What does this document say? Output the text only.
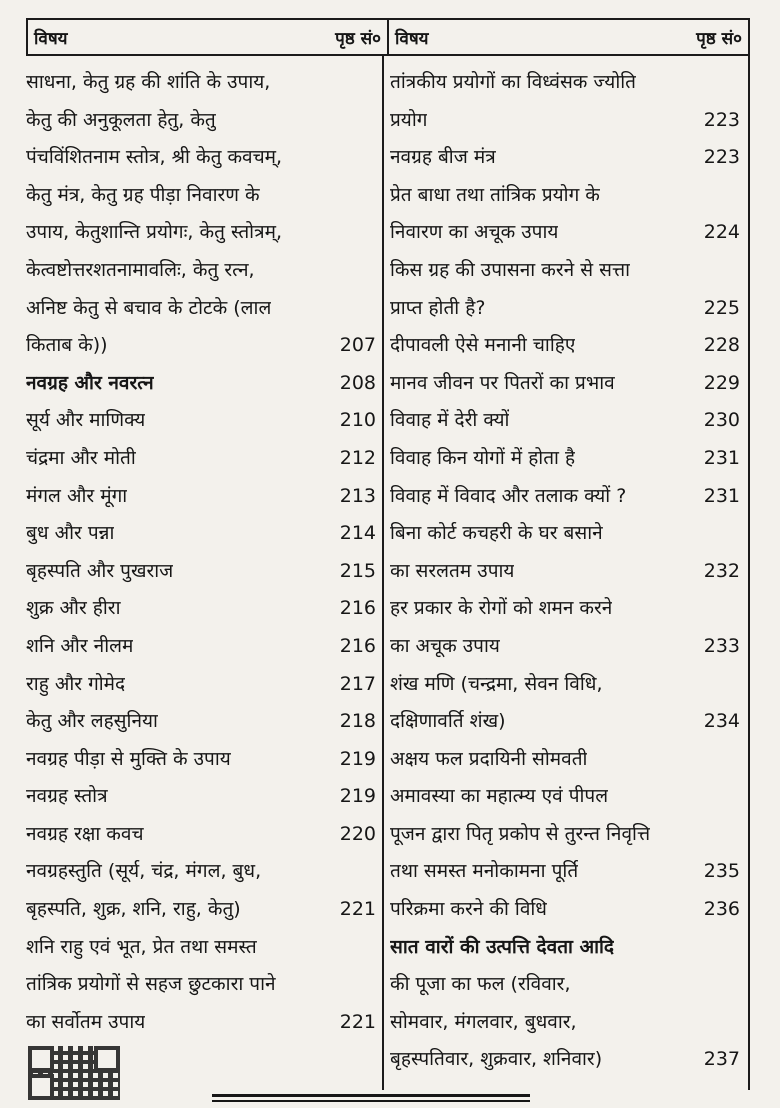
विषय	पृष्ठ सं० विषय	पृष्ठ सं०
साधना, केतु ग्रह की शांति के उपाय,
केतु की अनुकूलता हेतु, केतु
पंचविंशितनाम स्तोत्र, श्री केतु कवचम्,
केतु मंत्र, केतु ग्रह पीड़ा निवारण के
उपाय, केतुशान्ति प्रयोगः, केतु स्तोत्रम्,
केत्वष्टोत्तरशतनामावलिः, केतु रत्न,
अनिष्ट केतु से बचाव के टोटके (लाल
किताब के))	207
नवग्रह और नवरत्न	208
सूर्य और माणिक्य	210
चंद्रमा और मोती	212
मंगल और मूंगा	213
बुध और पन्ना	214
बृहस्पति और पुखराज	215
शुक्र और हीरा	216
शनि और नीलम	216
राहु और गोमेद	217
केतु और लहसुनिया	218
नवग्रह पीड़ा से मुक्ति के उपाय	219
नवग्रह स्तोत्र	219
नवग्रह रक्षा कवच	220
नवग्रहस्तुति (सूर्य, चंद्र, मंगल, बुध,
बृहस्पति, शुक्र, शनि, राहु, केतु)	221
शनि राहु एवं भूत, प्रेत तथा समस्त
तांत्रिक प्रयोगों से सहज छुटकारा पाने
का सर्वोतम उपाय	221
तांत्रकीय प्रयोगों का विध्वंसक ज्योति
प्रयोग	223
नवग्रह बीज मंत्र	223
प्रेत बाधा तथा तांत्रिक प्रयोग के
निवारण का अचूक उपाय	224
किस ग्रह की उपासना करने से सत्ता
प्राप्त होती है?	225
दीपावली ऐसे मनानी चाहिए	228
मानव जीवन पर पितरों का प्रभाव	229
विवाह में देरी क्यों	230
विवाह किन योगों में होता है	231
विवाह में विवाद और तलाक क्यों ?	231
बिना कोर्ट कचहरी के घर बसाने
का सरलतम उपाय	232
हर प्रकार के रोगों को शमन करने
का अचूक उपाय	233
शंख मणि (चन्द्रमा, सेवन विधि,
दक्षिणावर्ति शंख)	234
अक्षय फल प्रदायिनी सोमवती
अमावस्या का महात्म्य एवं पीपल
पूजन द्वारा पितृ प्रकोप से तुरन्त निवृत्ति
तथा समस्त मनोकामना पूर्ति	235
परिक्रमा करने की विधि	236
सात वारों की उत्पत्ति देवता आदि
की पूजा का फल (रविवार,
सोमवार, मंगलवार, बुधवार,
बृहस्पतिवार, शुक्रवार, शनिवार)	237
